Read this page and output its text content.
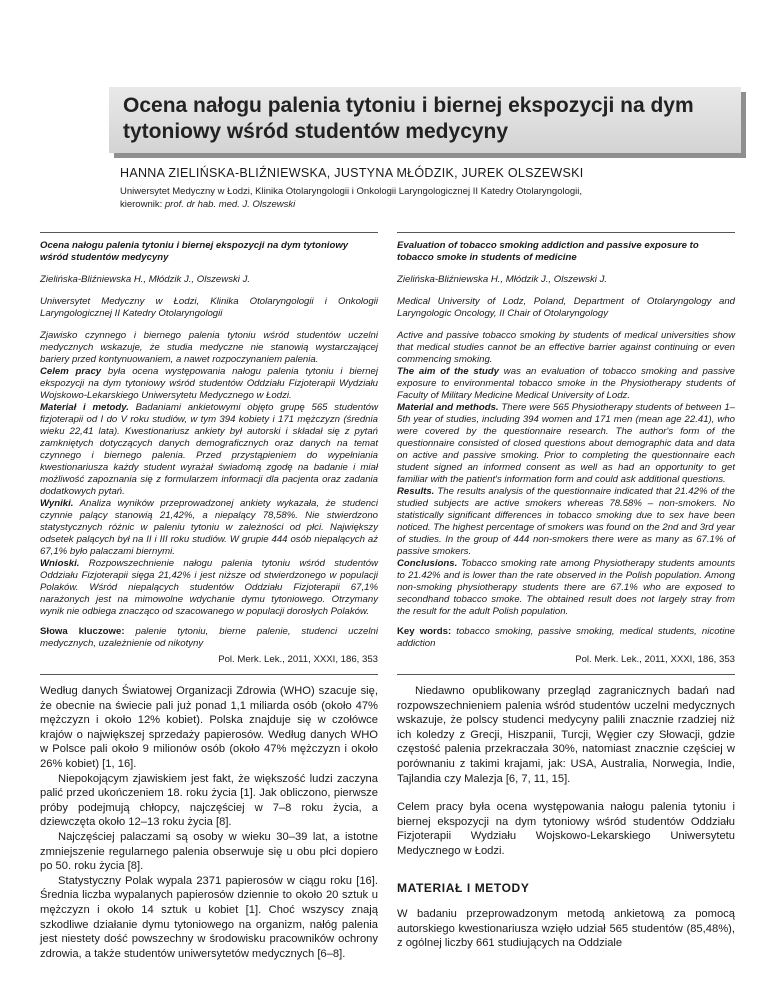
Ocena nałogu palenia tytoniu i biernej ekspozycji na dym tytoniowy wśród studentów medycyny
HANNA ZIELIŃSKA-BLIŹNIEWSKA, JUSTYNA MŁÓDZIK, JUREK OLSZEWSKI
Uniwersytet Medyczny w Łodzi, Klinika Otolaryngologii i Onkologii Laryngologicznej II Katedry Otolaryngologii,
kierownik: prof. dr hab. med. J. Olszewski
Ocena nałogu palenia tytoniu i biernej ekspozycji na dym tytoniowy wśród studentów medycyny
Zielińska-Bliźniewska H., Młódzik J., Olszewski J.
Uniwersytet Medyczny w Łodzi, Klinika Otolaryngologii i Onkologii Laryngologicznej II Katedry Otolaryngologii
Zjawisko czynnego i biernego palenia tytoniu wśród studentów uczelni medycznych wskazuje, że studia medyczne nie stanowią wystarczającej bariery przed kontynuowaniem, a nawet rozpoczynaniem palenia.
Celem pracy była ocena występowania nałogu palenia tytoniu i biernej ekspozycji na dym tytoniowy wśród studentów Oddziału Fizjoterapii Wydziału Wojskowo-Lekarskiego Uniwersytetu Medycznego w Łodzi.
Materiał i metody. Badaniami ankietowymi objęto grupę 565 studentów fizjoterapii od I do V roku studiów, w tym 394 kobiety i 171 mężczyzn (średnia wieku 22,41 lata). Kwestionariusz ankiety był autorski i składał się z pytań zamkniętych dotyczących danych demograficznych oraz danych na temat czynnego i biernego palenia. Przed przystąpieniem do wypełniania kwestionariusza każdy student wyrażał świadomą zgodę na badanie i miał możliwość zapoznania się z formularzem informacji dla pacjenta oraz zadania dodatkowych pytań.
Wyniki. Analiza wyników przeprowadzonej ankiety wykazała, że studenci czynnie palący stanowią 21,42%, a niepalący 78,58%. Nie stwierdzono statystycznych różnic w paleniu tytoniu w zależności od płci. Największy odsetek palących był na II i III roku studiów. W grupie 444 osób niepalących aż 67,1% było palaczami biernymi.
Wnioski. Rozpowszechnienie nałogu palenia tytoniu wśród studentów Oddziału Fizjoterapii sięga 21,42% i jest niższe od stwierdzonego w populacji Polaków. Wśród niepalących studentów Oddziału Fizjoterapii 67,1% narażonych jest na mimowolne wdychanie dymu tytoniowego. Otrzymany wynik nie odbiega znacząco od szacowanego w populacji dorosłych Polaków.
Evaluation of tobacco smoking addiction and passive exposure to tobacco smoke in students of medicine
Zielińska-Bliźniewska H., Młódzik J., Olszewski J.
Medical University of Lodz, Poland, Department of Otolaryngology and Laryngologic Oncology, II Chair of Otolaryngology
Active and passive tobacco smoking by students of medical universities show that medical studies cannot be an effective barrier against continuing or even commencing smoking.
The aim of the study was an evaluation of tobacco smoking and passive exposure to environmental tobacco smoke in the Physiotherapy students of Faculty of Military Medicine Medical University of Lodz.
Material and methods. There were 565 Physiotherapy students of between 1–5th year of studies, including 394 women and 171 men (mean age 22.41), who were covered by the questionnaire research. The author's form of the questionnaire consisted of closed questions about demographic data and data on active and passive smoking. Prior to completing the questionnaire each student signed an informed consent as well as had an opportunity to get familiar with the patient's information form and could ask additional questions.
Results. The results analysis of the questionnaire indicated that 21.42% of the studied subjects are active smokers whereas 78.58% – non-smokers. No statistically significant differences in tobacco smoking due to sex have been noticed. The highest percentage of smokers was found on the 2nd and 3rd year of studies. In the group of 444 non-smokers there were as many as 67.1% of passive smokers.
Conclusions. Tobacco smoking rate among Physiotherapy students amounts to 21.42% and is lower than the rate observed in the Polish population. Among non-smoking physiotherapy students there are 67.1% who are exposed to secondhand tobacco smoke. The obtained result does not largely stray from the result for the adult Polish population.
Słowa kluczowe: palenie tytoniu, bierne palenie, studenci uczelni medycznych, uzależnienie od nikotyny
Key words: tobacco smoking, passive smoking, medical students, nicotine addiction
Pol. Merk. Lek., 2011, XXXI, 186, 353	Pol. Merk. Lek., 2011, XXXI, 186, 353

Według danych Światowej Organizacji Zdrowia (WHO) szacuje się, że obecnie na świecie pali już ponad 1,1 miliarda osób (około 47% mężczyzn i około 12% kobiet). Polska znajduje się w czołówce krajów o największej sprzedaży papierosów. Według danych WHO w Polsce pali około 9 milionów osób (około 47% mężczyzn i około 26% kobiet) [1, 16].

Niepokojącym zjawiskiem jest fakt, że większość ludzi zaczyna palić przed ukończeniem 18. roku życia [1]. Jak obliczono, pierwsze próby podejmują chłopcy, najczęściej w 7–8 roku życia, a dziewczęta około 12–13 roku życia [8].

Najczęściej palaczami są osoby w wieku 30–39 lat, a istotne zmniejszenie regularnego palenia obserwuje się u obu płci dopiero po 50. roku życia [8].

Statystyczny Polak wypala 2371 papierosów w ciągu roku [16]. Średnia liczba wypalanych papierosów dziennie to około 20 sztuk u mężczyzn i około 14 sztuk u kobiet [1]. Choć wszyscy znają szkodliwe działanie dymu tytoniowego na organizm, nałóg palenia jest niestety dość powszechny w środowisku pracowników ochrony zdrowia, a także studentów uniwersytetów medycznych [6–8].

Niedawno opublikowany przegląd zagranicznych badań nad rozpowszechnieniem palenia wśród studentów uczelni medycznych wskazuje, że polscy studenci medycyny palili znacznie rzadziej niż ich koledzy z Grecji, Hiszpanii, Turcji, Węgier czy Słowacji, gdzie częstość palenia przekraczała 30%, natomiast znacznie częściej w porównaniu z takimi krajami, jak: USA, Australia, Norwegia, Indie, Tajlandia czy Malezja [6, 7, 11, 15].

Celem pracy była ocena występowania nałogu palenia tytoniu i biernej ekspozycji na dym tytoniowy wśród studentów Oddziału Fizjoterapii Wydziału Wojskowo-Lekarskiego Uniwersytetu Medycznego w Łodzi.

MATERIAŁ I METODY

W badaniu przeprowadzonym metodą ankietową za pomocą autorskiego kwestionariusza wzięło udział 565 studentów (85,48%), z ogólnej liczby 661 studiujących na Oddziale
